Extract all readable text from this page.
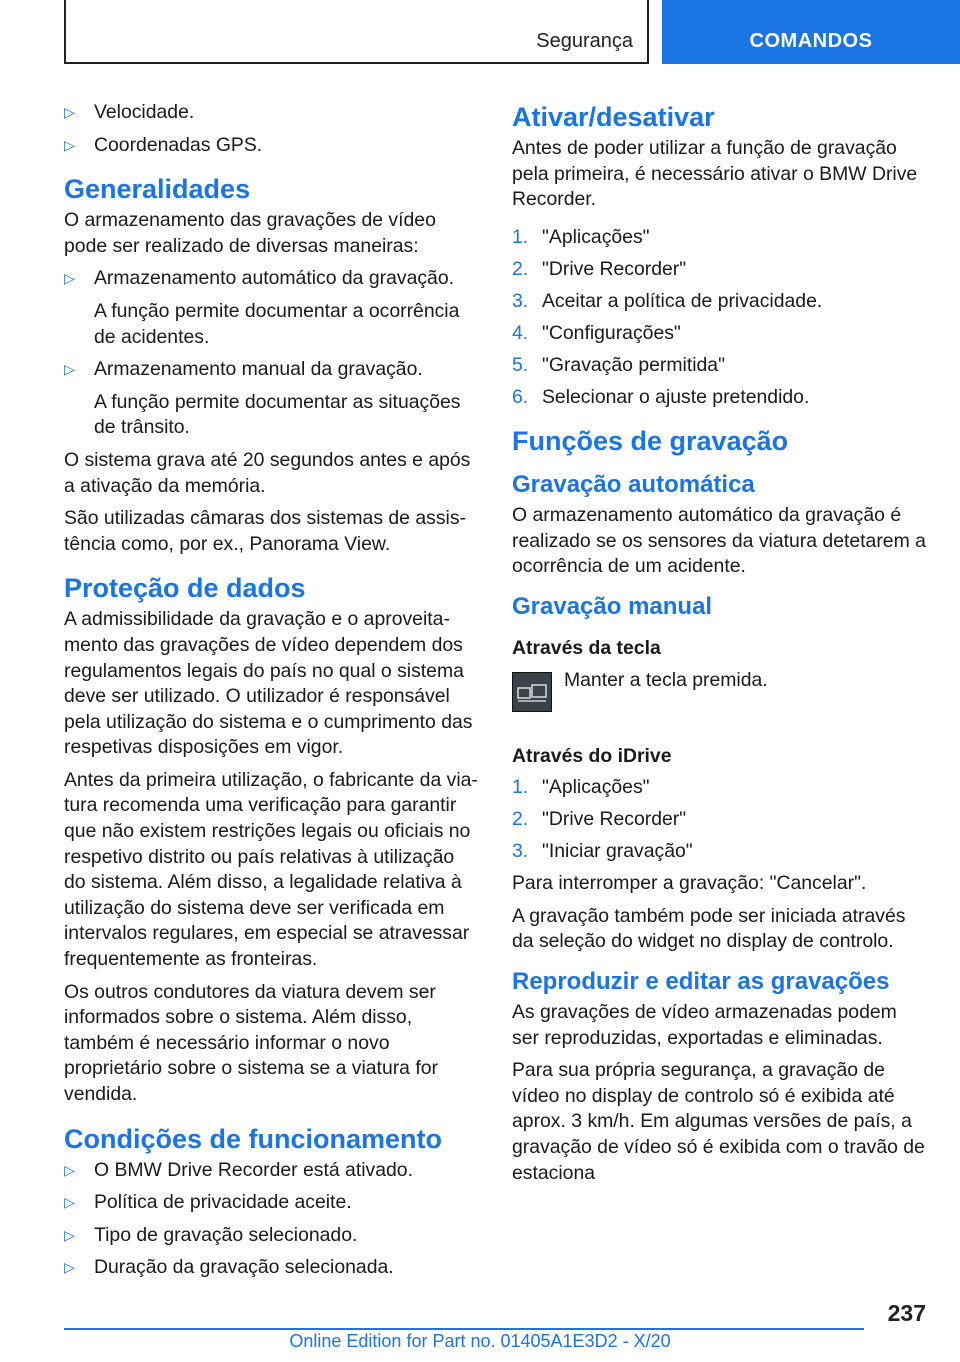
Segurança	COMANDOS
▷ Velocidade.
▷ Coordenadas GPS.
Generalidades

O armazenamento das gravações de vídeo pode ser realizado de diversas maneiras:

▷ Armazenamento automático da gravação.
A função permite documentar a ocorrência de acidentes.
▷ Armazenamento manual da gravação.
A função permite documentar as situações de trânsito.

O sistema grava até 20 segundos antes e após a ativação da memória.

São utilizadas câmaras dos sistemas de assistência como, por ex., Panorama View.

Proteção de dados

A admissibilidade da gravação e o aproveitamento das gravações de vídeo dependem dos regulamentos legais do país no qual o sistema deve ser utilizado. O utilizador é responsável pela utilização do sistema e o cumprimento das respetivas disposições em vigor.

Antes da primeira utilização, o fabricante da viatura recomenda uma verificação para garantir que não existem restrições legais ou oficiais no respetivo distrito ou país relativas à utilização do sistema. Além disso, a legalidade relativa à utilização do sistema deve ser verificada em intervalos regulares, em especial se atravessar frequentemente as fronteiras.

Os outros condutores da viatura devem ser informados sobre o sistema. Além disso, também é necessário informar o novo proprietário sobre o sistema se a viatura for vendida.

Condições de funcionamento
▷ O BMW Drive Recorder está ativado.
▷ Política de privacidade aceite.
▷ Tipo de gravação selecionado.
▷ Duração da gravação selecionada.
Ativar/desativar

Antes de poder utilizar a função de gravação pela primeira, é necessário ativar o BMW Drive Recorder.

1. "Aplicações"
2. "Drive Recorder"
3. Aceitar a política de privacidade.
4. "Configurações"
5. "Gravação permitida"
6. Selecionar o ajuste pretendido.
Funções de gravação
Gravação automática

O armazenamento automático da gravação é realizado se os sensores da viatura detetarem a ocorrência de um acidente.

Gravação manual
Através da tecla

Manter a tecla premida.

Através do iDrive
1. "Aplicações"
2. "Drive Recorder"
3. "Iniciar gravação"

Para interromper a gravação: "Cancelar".

A gravação também pode ser iniciada através da seleção do widget no display de controlo.

Reproduzir e editar as gravações

As gravações de vídeo armazenadas podem ser reproduzidas, exportadas e eliminadas.

Para sua própria segurança, a gravação de vídeo no display de controlo só é exibida até aprox. 3 km/h. Em algumas versões de país, a gravação de vídeo só é exibida com o travão de estaciona

237
Online Edition for Part no. 01405A1E3D2 - X/20
